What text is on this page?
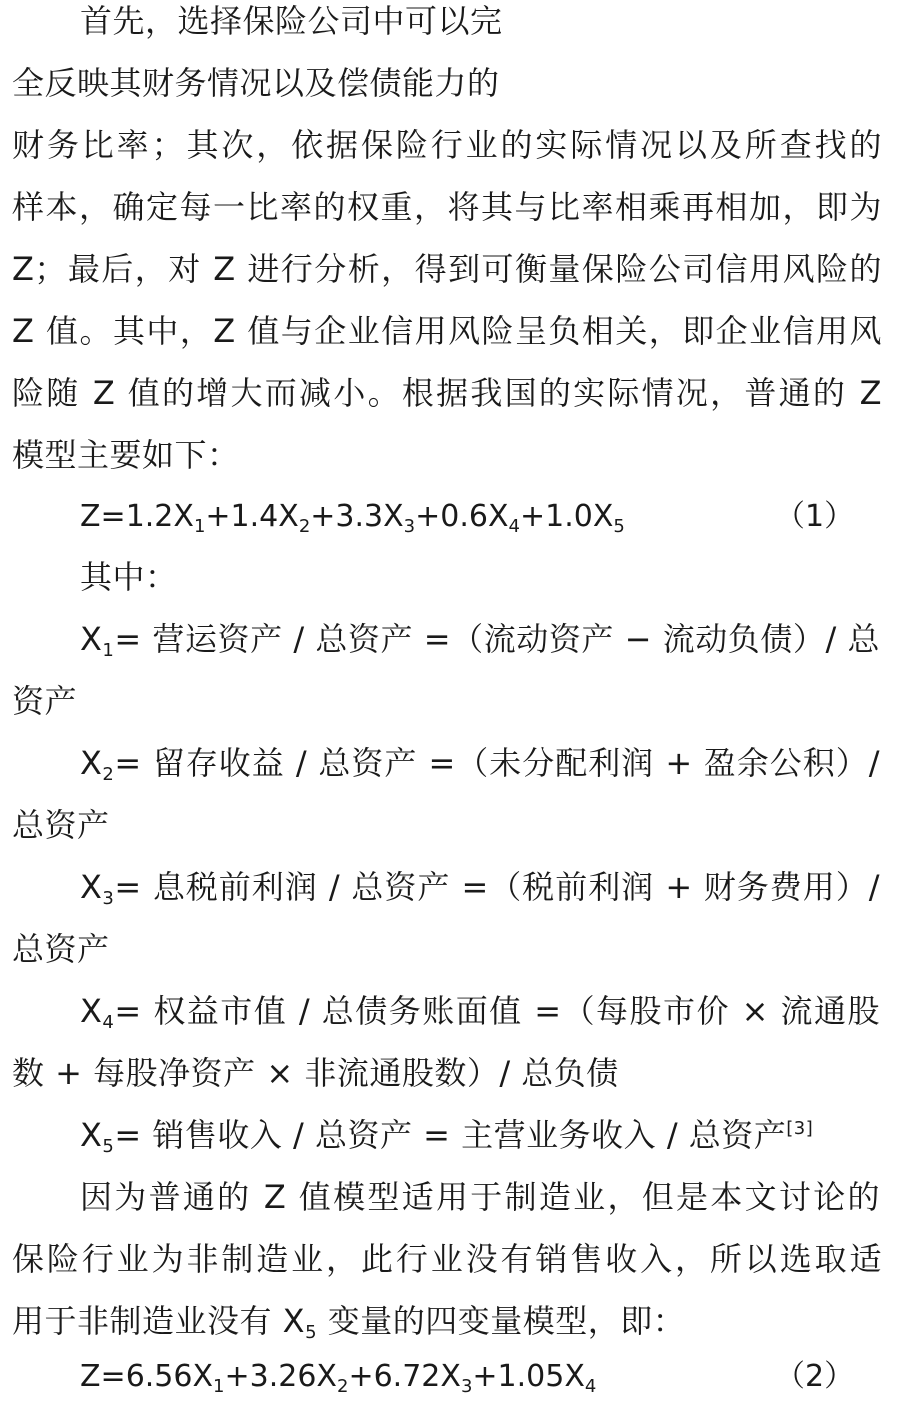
首先，选择保险公司中可以完
全反映其财务情况以及偿债能力的
财务比率；其次，依据保险行业的实际情况以及所查找的
样本，确定每一比率的权重，将其与比率相乘再相加，即为
Z；最后，对 Z 进行分析，得到可衡量保险公司信用风险的
Z 值。其中，Z 值与企业信用风险呈负相关，即企业信用风
险随 Z 值的增大而减小。根据我国的实际情况，普通的 Z
模型主要如下：
$Z=1.2X_1+1.4X_2+3.3X_3+0.6X_4+1.0X_5$	（1）
其中：
$X_1=$ 营运资产 / 总资产 =（流动资产 − 流动负债）/ 总
资产
$X_2=$ 留存收益 / 总资产 =（未分配利润 + 盈余公积）/
总资产
$X_3=$ 息税前利润 / 总资产 =（税前利润 + 财务费用）/
总资产
$X_4=$ 权益市值 / 总债务账面值 =（每股市价 × 流通股
数 + 每股净资产 × 非流通股数）/ 总负债
$X_5=$ 销售收入 / 总资产 = 主营业务收入 / 总资产[3]
因为普通的 Z 值模型适用于制造业，但是本文讨论的
保险行业为非制造业，此行业没有销售收入，所以选取适
用于非制造业没有 $X_5$ 变量的四变量模型，即：
$Z=6.56X_1+3.26X_2+6.72X_3+1.05X_4$	（2）
